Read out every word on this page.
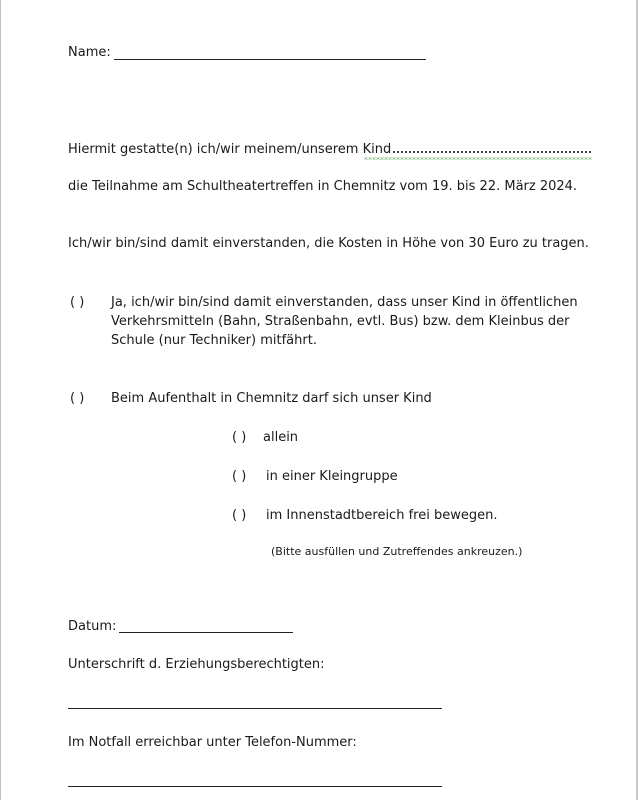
Name:
Hiermit gestatte(n) ich/wir meinem/unserem Kind
die Teilnahme am Schultheatertreffen in Chemnitz vom 19. bis 22. März 2024.
Ich/wir bin/sind damit einverstanden, die Kosten in Höhe von 30 Euro zu tragen.
( ) Ja, ich/wir bin/sind damit einverstanden, dass unser Kind in öffentlichen
Verkehrsmitteln (Bahn, Straßenbahn, evtl. Bus) bzw. dem Kleinbus der
Schule (nur Techniker) mitfährt.
( ) Beim Aufenthalt in Chemnitz darf sich unser Kind
( ) allein
( ) in einer Kleingruppe
( ) im Innenstadtbereich frei bewegen.
(Bitte ausfüllen und Zutreffendes ankreuzen.)
Datum:
Unterschrift d. Erziehungsberechtigten:
Im Notfall erreichbar unter Telefon-Nummer:
